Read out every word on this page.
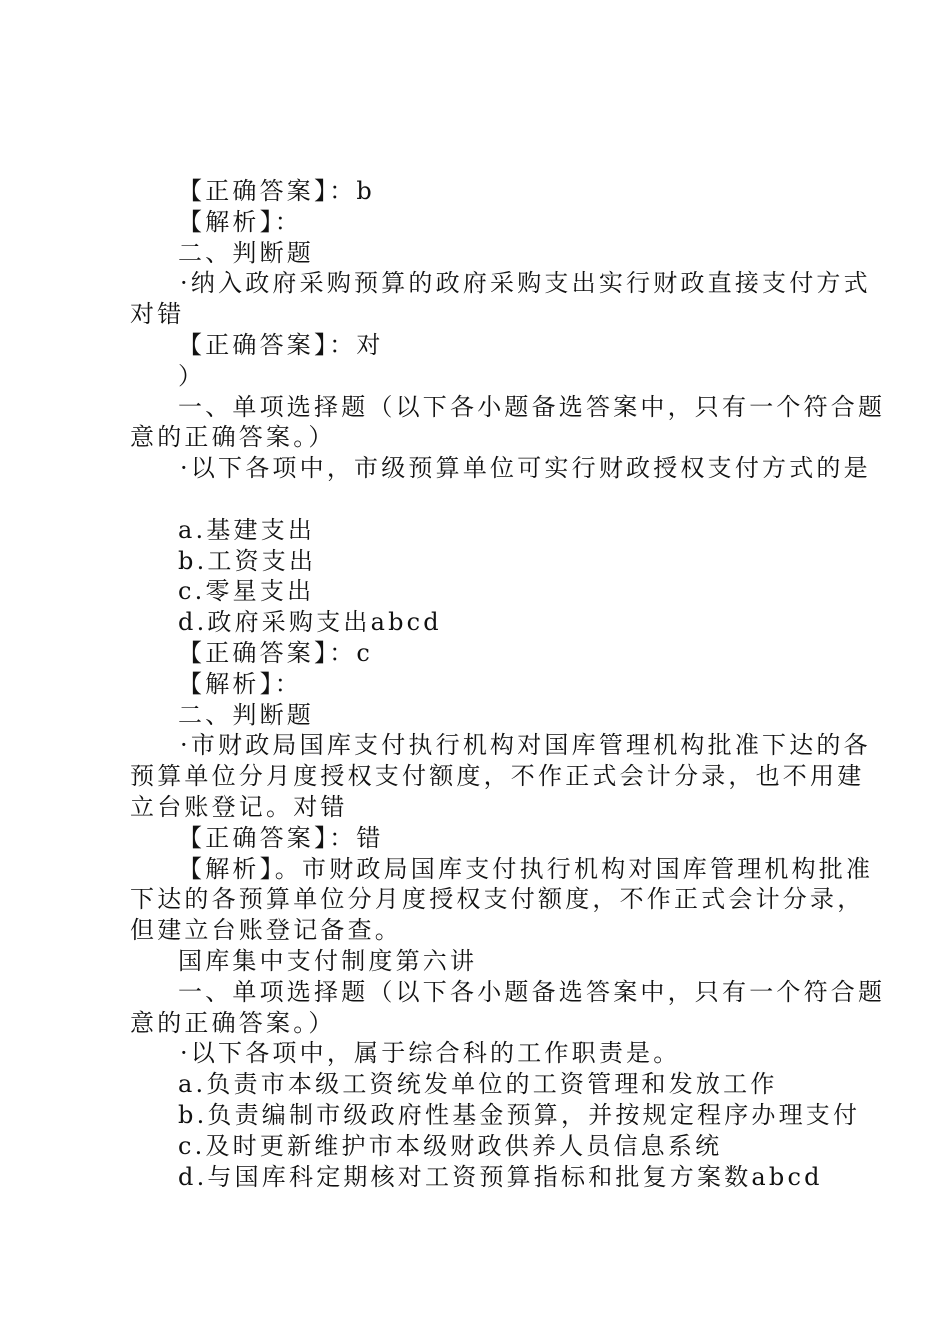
【正确答案】：b

【解析】：

二、判断题

·纳入政府采购预算的政府采购支出实行财政直接支付方式

对错

【正确答案】：对

）

一、单项选择题（以下各小题备选答案中，只有一个符合题

意的正确答案。）

·以下各项中，市级预算单位可实行财政授权支付方式的是

a.基建支出

b.工资支出

c.零星支出

d.政府采购支出abcd

【正确答案】：c

【解析】：

二、判断题

·市财政局国库支付执行机构对国库管理机构批准下达的各

预算单位分月度授权支付额度，不作正式会计分录，也不用建

立台账登记。对错

【正确答案】：错

【解析】。市财政局国库支付执行机构对国库管理机构批准

下达的各预算单位分月度授权支付额度，不作正式会计分录，

但建立台账登记备查。

国库集中支付制度第六讲

一、单项选择题（以下各小题备选答案中，只有一个符合题

意的正确答案。）

·以下各项中，属于综合科的工作职责是。

a.负责市本级工资统发单位的工资管理和发放工作

b.负责编制市级政府性基金预算，并按规定程序办理支付

c.及时更新维护市本级财政供养人员信息系统

d.与国库科定期核对工资预算指标和批复方案数abcd
